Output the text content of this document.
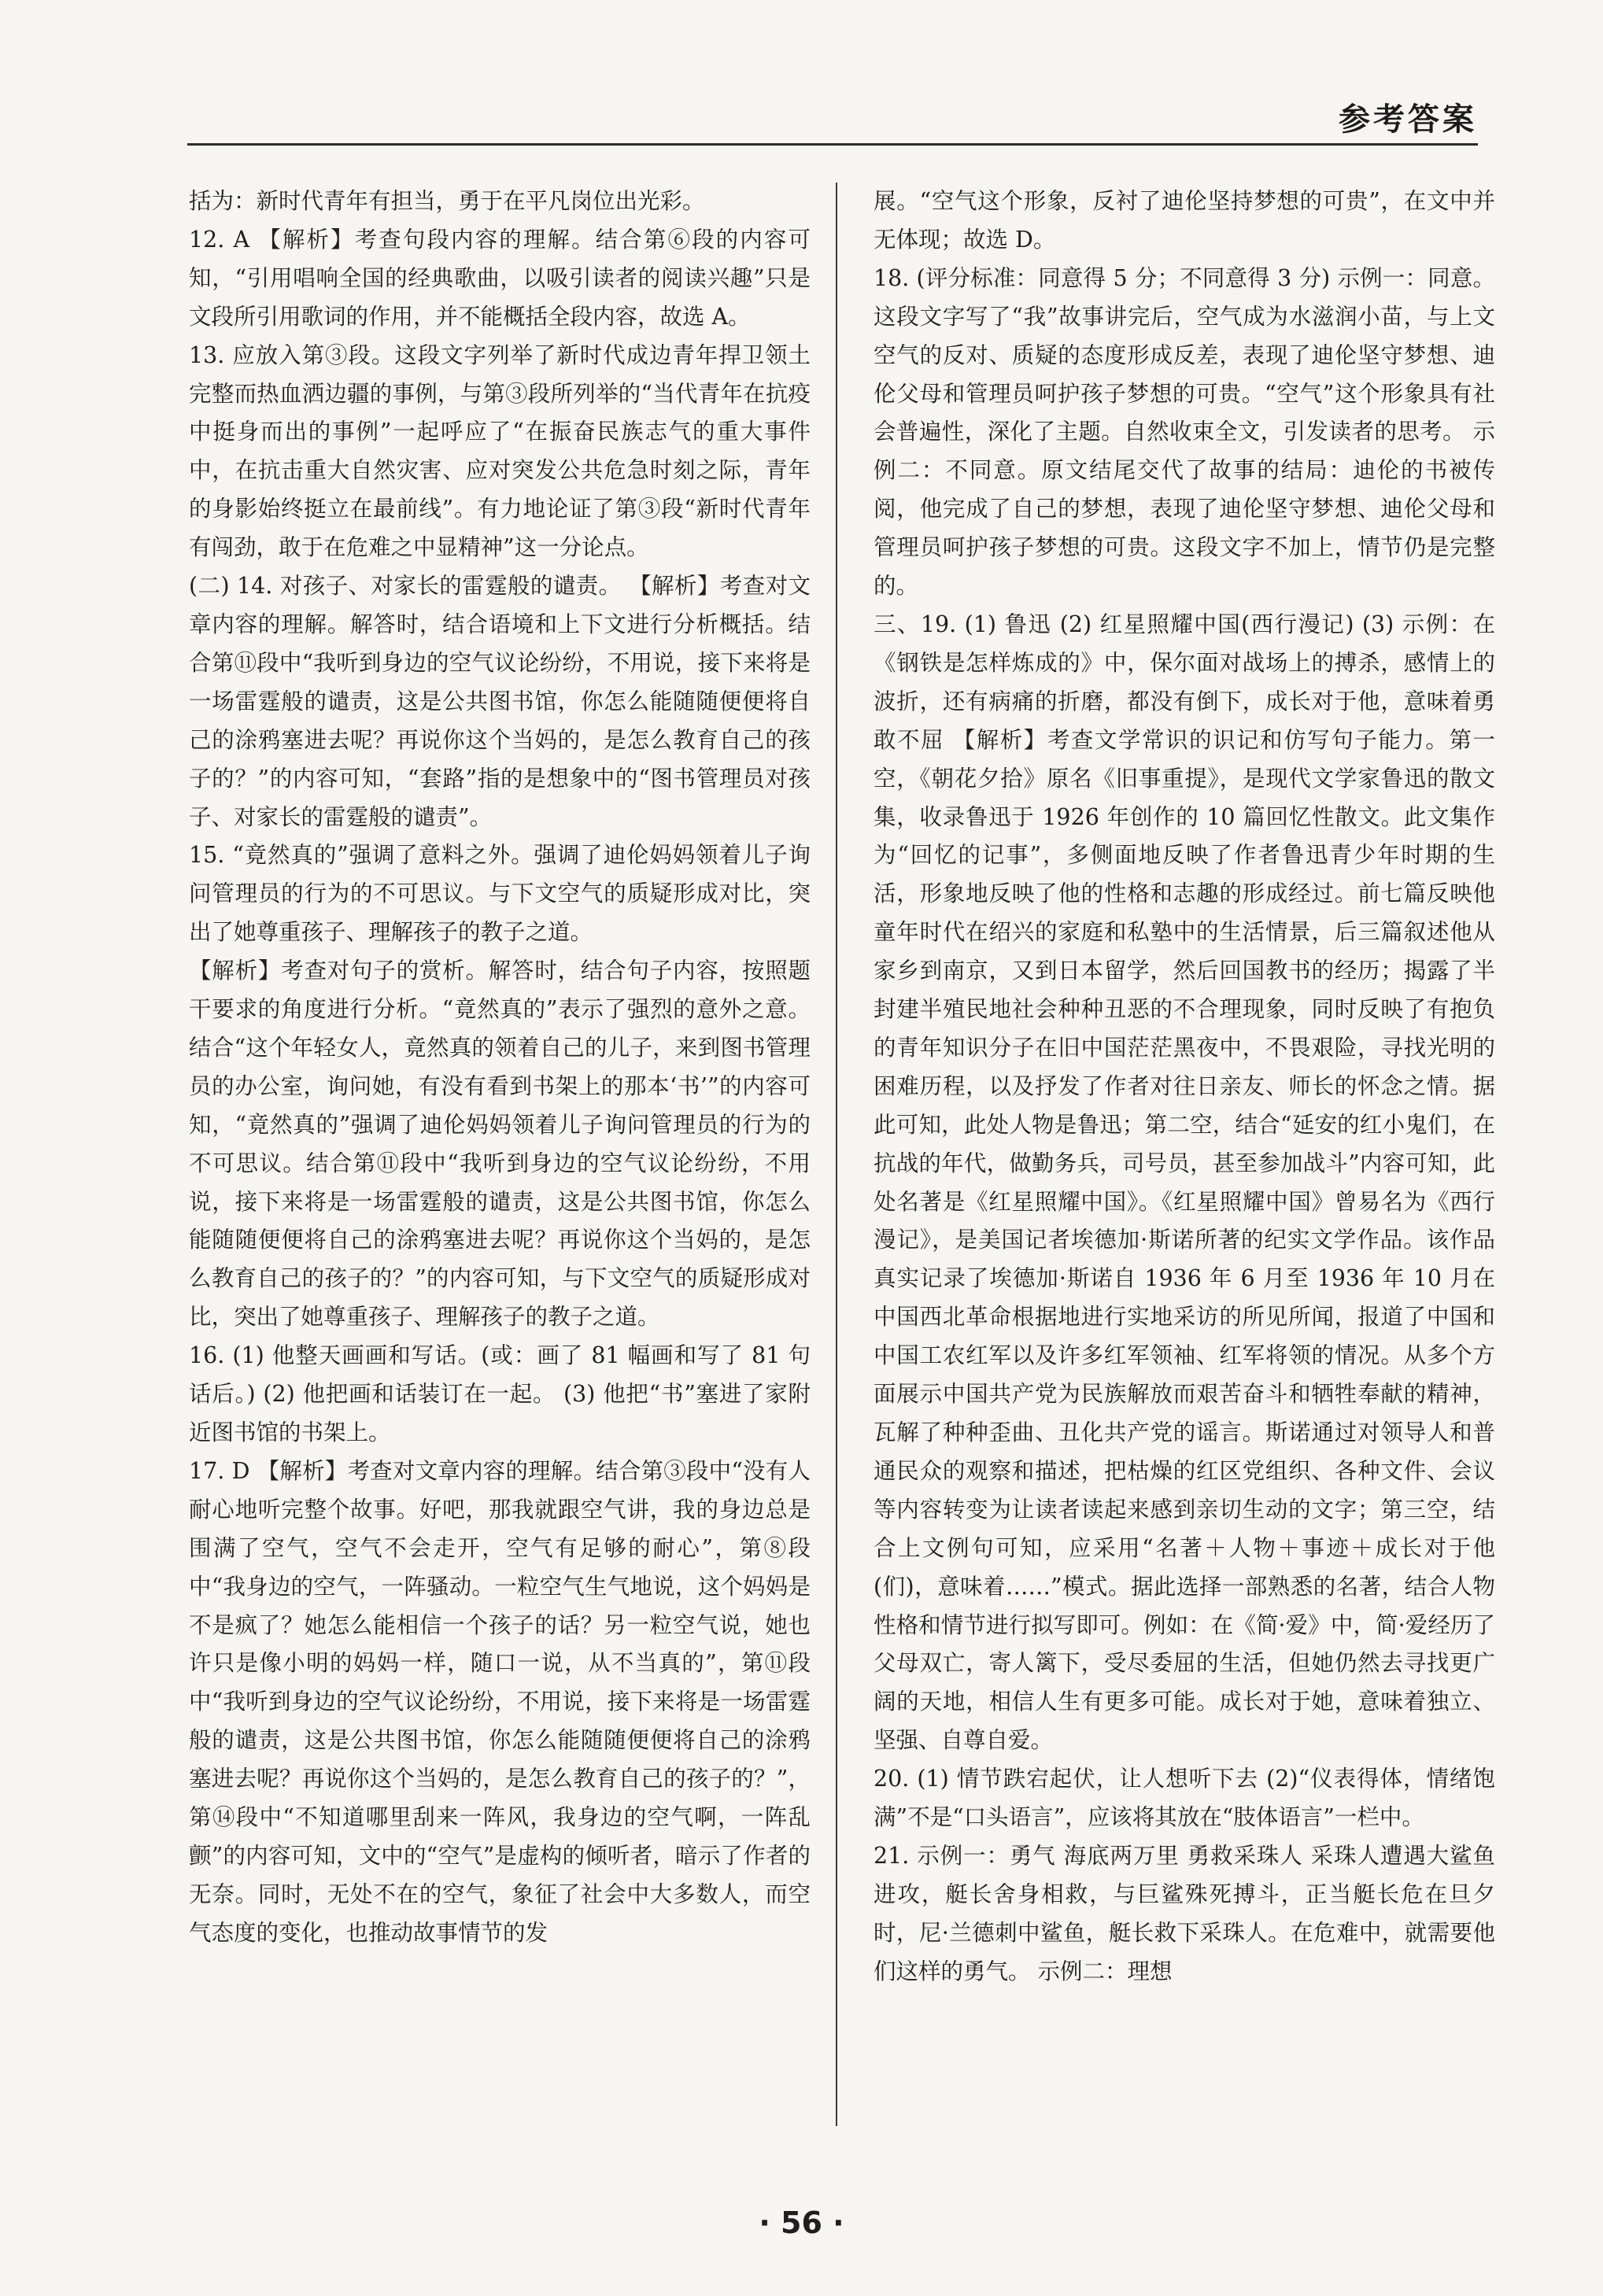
参考答案

括为：新时代青年有担当，勇于在平凡岗位出光彩。

12. A 【解析】考查句段内容的理解。结合第⑥段的内容可知，“引用唱响全国的经典歌曲，以吸引读者的阅读兴趣”只是文段所引用歌词的作用，并不能概括全段内容，故选 A。

13. 应放入第③段。这段文字列举了新时代成边青年捍卫领土完整而热血洒边疆的事例，与第③段所列举的“当代青年在抗疫中挺身而出的事例”一起呼应了“在振奋民族志气的重大事件中，在抗击重大自然灾害、应对突发公共危急时刻之际，青年的身影始终挺立在最前线”。有力地论证了第③段“新时代青年有闯劲，敢于在危难之中显精神”这一分论点。

(二) 14. 对孩子、对家长的雷霆般的谴责。 【解析】考查对文章内容的理解。解答时，结合语境和上下文进行分析概括。结合第⑪段中“我听到身边的空气议论纷纷，不用说，接下来将是一场雷霆般的谴责，这是公共图书馆，你怎么能随随便便将自己的涂鸦塞进去呢？再说你这个当妈的，是怎么教育自己的孩子的？”的内容可知，“套路”指的是想象中的“图书管理员对孩子、对家长的雷霆般的谴责”。

15. “竟然真的”强调了意料之外。强调了迪伦妈妈领着儿子询问管理员的行为的不可思议。与下文空气的质疑形成对比，突出了她尊重孩子、理解孩子的教子之道。

【解析】考查对句子的赏析。解答时，结合句子内容，按照题干要求的角度进行分析。“竟然真的”表示了强烈的意外之意。结合“这个年轻女人，竟然真的领着自己的儿子，来到图书管理员的办公室，询问她，有没有看到书架上的那本‘书’”的内容可知，“竟然真的”强调了迪伦妈妈领着儿子询问管理员的行为的不可思议。结合第⑪段中“我听到身边的空气议论纷纷，不用说，接下来将是一场雷霆般的谴责，这是公共图书馆，你怎么能随随便便将自己的涂鸦塞进去呢？再说你这个当妈的，是怎么教育自己的孩子的？”的内容可知，与下文空气的质疑形成对比，突出了她尊重孩子、理解孩子的教子之道。

16. (1) 他整天画画和写话。(或：画了 81 幅画和写了 81 句话后。) (2) 他把画和话装订在一起。 (3) 他把“书”塞进了家附近图书馆的书架上。

17. D 【解析】考查对文章内容的理解。结合第③段中“没有人耐心地听完整个故事。好吧，那我就跟空气讲，我的身边总是围满了空气，空气不会走开，空气有足够的耐心”，第⑧段中“我身边的空气，一阵骚动。一粒空气生气地说，这个妈妈是不是疯了？她怎么能相信一个孩子的话？另一粒空气说，她也许只是像小明的妈妈一样，随口一说，从不当真的”，第⑪段中“我听到身边的空气议论纷纷，不用说，接下来将是一场雷霆般的谴责，这是公共图书馆，你怎么能随随便便将自己的涂鸦塞进去呢？再说你这个当妈的，是怎么教育自己的孩子的？”，第⑭段中“不知道哪里刮来一阵风，我身边的空气啊，一阵乱颤”的内容可知，文中的“空气”是虚构的倾听者，暗示了作者的无奈。同时，无处不在的空气，象征了社会中大多数人，而空气态度的变化，也推动故事情节的发

展。“空气这个形象，反衬了迪伦坚持梦想的可贵”，在文中并无体现；故选 D。

18. (评分标准：同意得 5 分；不同意得 3 分) 示例一：同意。这段文字写了“我”故事讲完后，空气成为水滋润小苗，与上文空气的反对、质疑的态度形成反差，表现了迪伦坚守梦想、迪伦父母和管理员呵护孩子梦想的可贵。“空气”这个形象具有社会普遍性，深化了主题。自然收束全文，引发读者的思考。 示例二：不同意。原文结尾交代了故事的结局：迪伦的书被传阅，他完成了自己的梦想，表现了迪伦坚守梦想、迪伦父母和管理员呵护孩子梦想的可贵。这段文字不加上，情节仍是完整的。

三、19. (1) 鲁迅 (2) 红星照耀中国(西行漫记) (3) 示例：在《钢铁是怎样炼成的》中，保尔面对战场上的搏杀，感情上的波折，还有病痛的折磨，都没有倒下，成长对于他，意味着勇敢不屈 【解析】考查文学常识的识记和仿写句子能力。第一空，《朝花夕拾》原名《旧事重提》，是现代文学家鲁迅的散文集，收录鲁迅于 1926 年创作的 10 篇回忆性散文。此文集作为“回忆的记事”，多侧面地反映了作者鲁迅青少年时期的生活，形象地反映了他的性格和志趣的形成经过。前七篇反映他童年时代在绍兴的家庭和私塾中的生活情景，后三篇叙述他从家乡到南京，又到日本留学，然后回国教书的经历；揭露了半封建半殖民地社会种种丑恶的不合理现象，同时反映了有抱负的青年知识分子在旧中国茫茫黑夜中，不畏艰险，寻找光明的困难历程，以及抒发了作者对往日亲友、师长的怀念之情。据此可知，此处人物是鲁迅；第二空，结合“延安的红小鬼们，在抗战的年代，做勤务兵，司号员，甚至参加战斗”内容可知，此处名著是《红星照耀中国》。《红星照耀中国》曾易名为《西行漫记》，是美国记者埃德加·斯诺所著的纪实文学作品。该作品真实记录了埃德加·斯诺自 1936 年 6 月至 1936 年 10 月在中国西北革命根据地进行实地采访的所见所闻，报道了中国和中国工农红军以及许多红军领袖、红军将领的情况。从多个方面展示中国共产党为民族解放而艰苦奋斗和牺牲奉献的精神，瓦解了种种歪曲、丑化共产党的谣言。斯诺通过对领导人和普通民众的观察和描述，把枯燥的红区党组织、各种文件、会议等内容转变为让读者读起来感到亲切生动的文字；第三空，结合上文例句可知，应采用“名著＋人物＋事迹＋成长对于他(们)，意味着……”模式。据此选择一部熟悉的名著，结合人物性格和情节进行拟写即可。例如：在《简·爱》中，简·爱经历了父母双亡，寄人篱下，受尽委屈的生活，但她仍然去寻找更广阔的天地，相信人生有更多可能。成长对于她，意味着独立、坚强、自尊自爱。

20. (1) 情节跌宕起伏，让人想听下去 (2)“仪表得体，情绪饱满”不是“口头语言”，应该将其放在“肢体语言”一栏中。

21. 示例一：勇气 海底两万里 勇救采珠人 采珠人遭遇大鲨鱼进攻，艇长舍身相救，与巨鲨殊死搏斗，正当艇长危在旦夕时，尼·兰德刺中鲨鱼，艇长救下采珠人。在危难中，就需要他们这样的勇气。 示例二：理想

· 56 ·
